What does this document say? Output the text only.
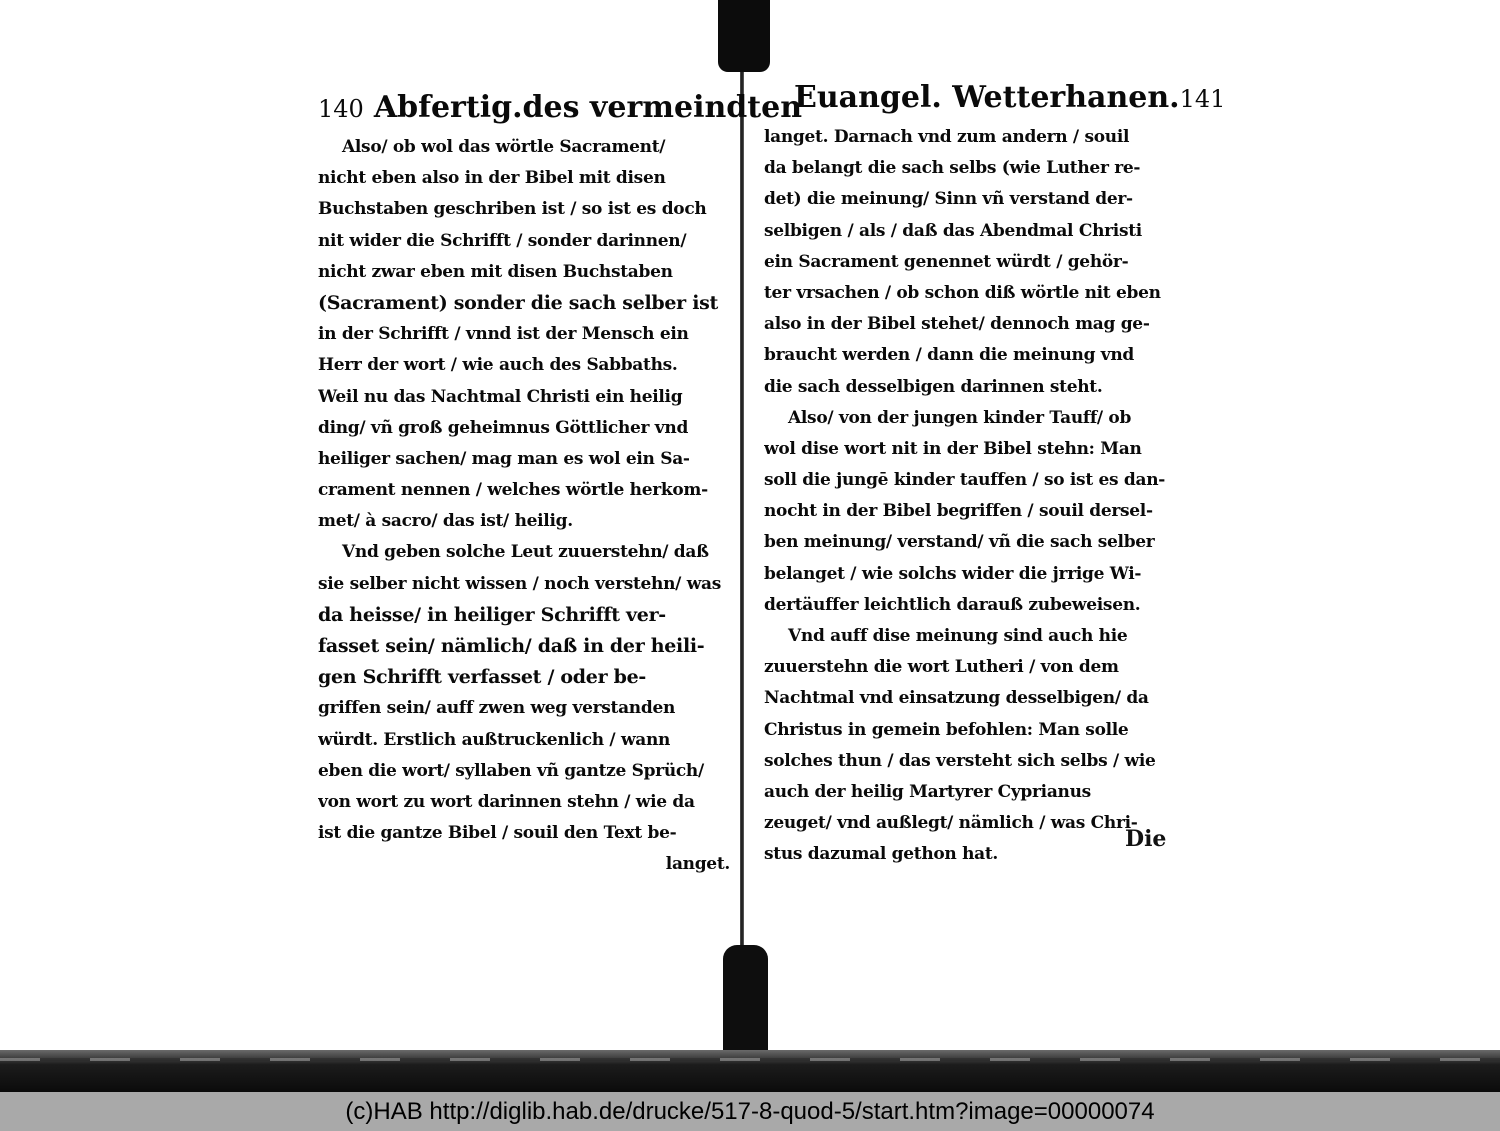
140 Abfertig.des vermeindten
Also/ ob wol das wörtle Sacrament/
nicht eben also in der Bibel mit disen
Buchstaben geschriben ist / so ist es doch
nit wider die Schrifft / sonder darinnen/
nicht zwar eben mit disen Buchstaben
(Sacrament) sonder die sach selber ist
in der Schrifft / vnnd ist der Mensch ein
Herr der wort / wie auch des Sabbaths.
Weil nu das Nachtmal Christi ein heilig
ding/ vñ groß geheimnus Göttlicher vnd
heiliger sachen/ mag man es wol ein Sa-
crament nennen / welches wörtle herkom-
met/ à sacro/ das ist/ heilig.
Vnd geben solche Leut zuuerstehn/ daß
sie selber nicht wissen / noch verstehn/ was
da heisse/ in heiliger Schrifft ver-
fasset sein/ nämlich/ daß in der heili-
gen Schrifft verfasset / oder be-
griffen sein/ auff zwen weg verstanden
würdt. Erstlich außtruckenlich / wann
eben die wort/ syllaben vñ gantze Sprüch/
von wort zu wort darinnen stehn / wie da
ist die gantze Bibel / souil den Text be-
langet.
Euangel. Wetterhanen. 141
langet. Darnach vnd zum andern / souil
da belangt die sach selbs (wie Luther re-
det) die meinung/ Sinn vñ verstand der-
selbigen / als / daß das Abendmal Christi
ein Sacrament genennet würdt / gehör-
ter vrsachen / ob schon diß wörtle nit eben
also in der Bibel stehet/ dennoch mag ge-
braucht werden / dann die meinung vnd
die sach desselbigen darinnen steht.
Also/ von der jungen kinder Tauff/ ob
wol dise wort nit in der Bibel stehn: Man
soll die jungē kinder tauffen / so ist es dan-
nocht in der Bibel begriffen / souil dersel-
ben meinung/ verstand/ vñ die sach selber
belanget / wie solchs wider die jrrige Wi-
dertäuffer leichtlich darauß zubeweisen.
Vnd auff dise meinung sind auch hie
zuuerstehn die wort Lutheri / von dem
Nachtmal vnd einsatzung desselbigen/ da
Christus in gemein befohlen: Man solle
solches thun / das versteht sich selbs / wie
auch der heilig Martyrer Cyprianus
zeuget/ vnd außlegt/ nämlich / was Chri-
stus dazumal gethon hat.
Die
(c)HAB http://diglib.hab.de/drucke/517-8-quod-5/start.htm?image=00000074
